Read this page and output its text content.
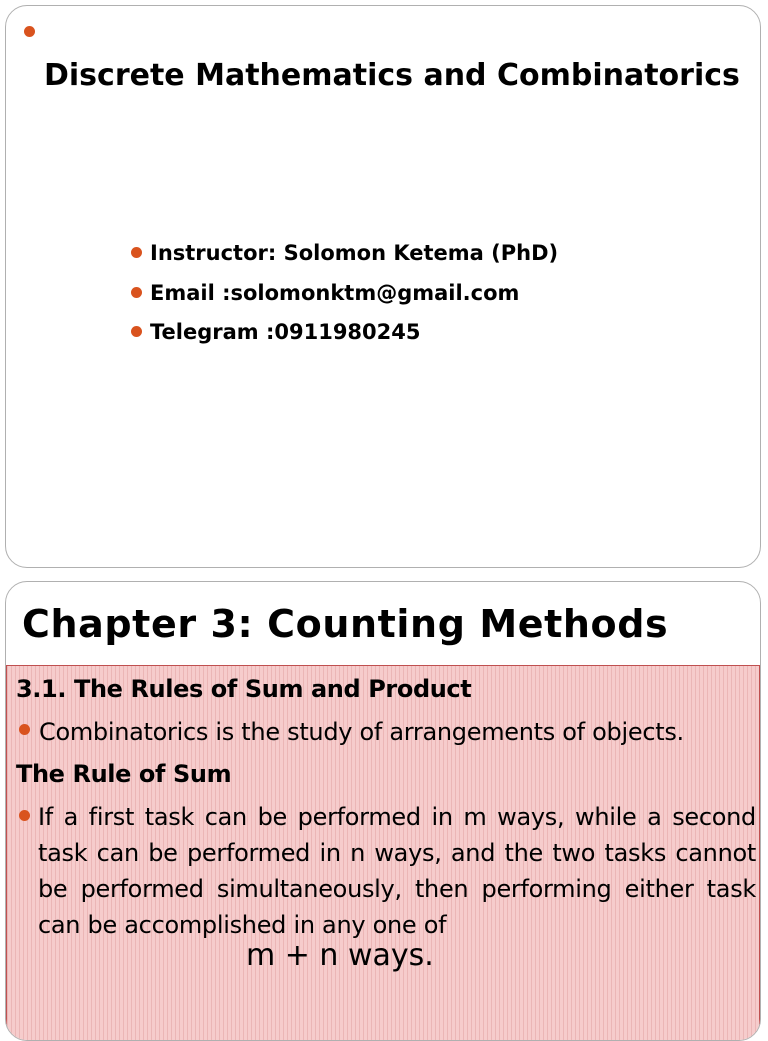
Discrete Mathematics and Combinatorics
Instructor: Solomon Ketema (PhD)
Email :solomonktm@gmail.com
Telegram :0911980245
Chapter 3: Counting Methods
3.1. The Rules of Sum and Product
Combinatorics is the study of arrangements of objects.
The Rule of Sum
If a first task can be performed in m ways, while a second task can be performed in n ways, and the two tasks cannot be performed simultaneously, then performing either task can be accomplished in any one of
m + n ways.
